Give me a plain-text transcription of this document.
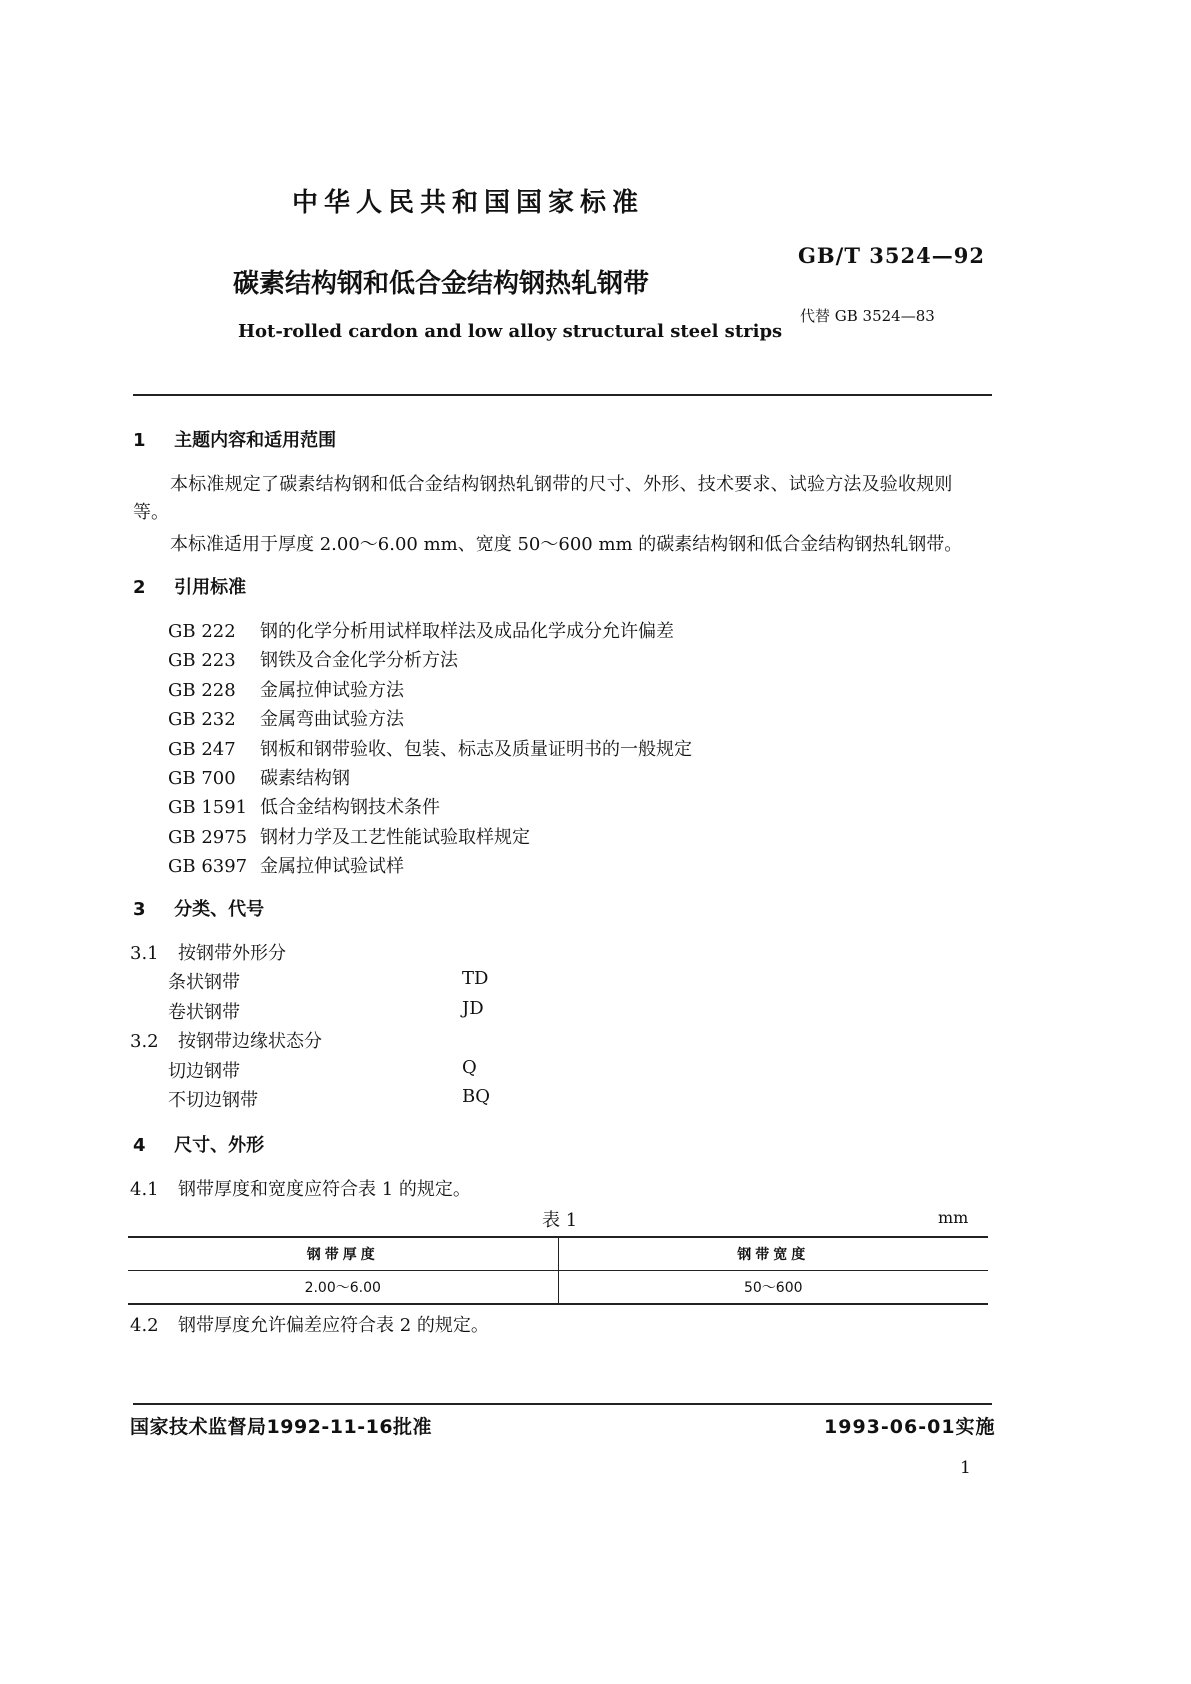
中华人民共和国国家标准
GB/T 3524—92
碳素结构钢和低合金结构钢热轧钢带
代替 GB 3524—83
Hot-rolled cardon and low alloy structural steel strips
1 主题内容和适用范围
本标准规定了碳素结构钢和低合金结构钢热轧钢带的尺寸、外形、技术要求、试验方法及验收规则
等。
本标准适用于厚度 2.00～6.00 mm、宽度 50～600 mm 的碳素结构钢和低合金结构钢热轧钢带。
2 引用标准
GB 222 钢的化学分析用试样取样法及成品化学成分允许偏差
GB 223 钢铁及合金化学分析方法
GB 228 金属拉伸试验方法
GB 232 金属弯曲试验方法
GB 247 钢板和钢带验收、包装、标志及质量证明书的一般规定
GB 700 碳素结构钢
GB 1591 低合金结构钢技术条件
GB 2975 钢材力学及工艺性能试验取样规定
GB 6397 金属拉伸试验试样
3 分类、代号
3.1 按钢带外形分
条状钢带	TD
卷状钢带	JD
3.2 按钢带边缘状态分
切边钢带	Q
不切边钢带	BQ
4 尺寸、外形
4.1 钢带厚度和宽度应符合表 1 的规定。
表 1	mm
钢带厚度	钢带宽度
2.00～6.00	50～600
4.2 钢带厚度允许偏差应符合表 2 的规定。
国家技术监督局1992-11-16批准	1993-06-01实施
1
